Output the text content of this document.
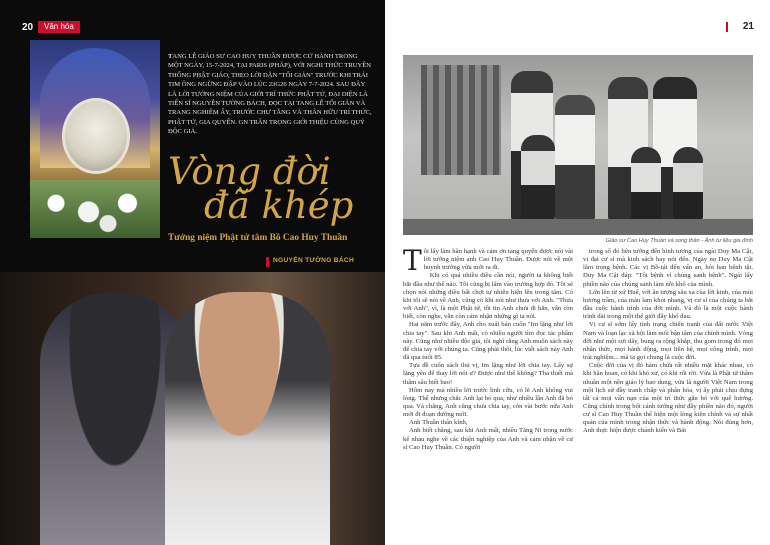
20	Văn hóa
TANG LỄ GIÁO SƯ CAO HUY THUẦN ĐƯỢC CỬ HÀNH TRONG MỘT NGÀY, 15-7-2024, TẠI PARIS (PHÁP), VỚI NGHI THỨC TRUYỀN THỐNG PHẬT GIÁO, THEO LỜI DẶN "TỐI GIẢN" TRƯỚC KHI TRÁI TIM ÔNG NGỪNG ĐẬP VÀO LÚC 23G26 NGÀY 7-7-2024. SAU ĐÂY LÀ LỜI TƯỞNG NIỆM CỦA GIỚI TRÍ THỨC PHẬT TỬ, ĐẠI DIỆN LÀ TIẾN SĨ NGUYỄN TƯỜNG BÁCH, ĐỌC TẠI TANG LỄ TỐI GIẢN VÀ TRANG NGHIÊM ẤY, TRƯỚC CHƯ TĂNG VÀ THÂN HỮU TRÍ THỨC, PHẬT TỬ, GIA QUYẾN. GN TRÂN TRỌNG GIỚI THIỆU CÙNG QUÝ ĐỘC GIẢ.
Vòng đời
đã khép
Tưởng niệm Phật tử tâm Bồ Cao Huy Thuần
NGUYỄN TƯỜNG BÁCH
21
Giáo sư Cao Huy Thuần và song thân - Ảnh tư liệu gia đình
T ôi lấy làm hân hạnh và cảm ơn tang quyến được nói vài lời tưởng niệm anh Cao Huy Thuần. Được nói về một huynh trưởng vừa mới ra đi.

Khi có quá nhiều điều cần nói, người ta không biết bắt đầu như thế nào. Tôi cũng bị lâm vào trường hợp đó. Tôi sẽ chọn nói những điều bất chợt tự nhiên hiện lên trong tâm. Có khi tôi sẽ nói về Anh, cũng có khi nói như thưa với Anh. "Thưa với Anh", vì, là một Phật tử, tôi tin Anh chưa đi hẳn, vẫn còn biết, còn nghe, vẫn còn cảm nhận những gì ta nói.

Hai năm trước đây, Anh cho xuất bản cuốn "Im lặng như lời chia tay". Sau khi Anh mất, có nhiều người tìm đọc tác phẩm này. Cũng như nhiều độc giả, tôi nghĩ rằng Anh muốn sách này để chia tay với chúng ta. Cũng phải thôi, lúc viết sách này Anh đã qua tuổi 85.

Tựa đề cuốn sách thú vị, Im lặng như lời chia tay. Lấy sự lặng yên để thay lời nói ư? Được như thế không? Tha thiết mà thâm sâu biết bao!

Hôm nay mà nhiều lời trước linh cữu, có lẽ Anh không vui lòng. Thế nhưng chắc Anh lại bỏ qua, như nhiều lần Anh đã bỏ qua. Và chẳng, Anh cũng chưa chia tay, còn vài bước nữa Anh mới đi đoạn đường mới.

Anh Thuần thân kính,

Anh biết chăng, sau khi Anh mất, nhiều Tăng Ni trong nước kể nhau nghe về các thiện nghiệp của Anh và cảm nhận về cư sĩ Cao Huy Thuần. Có người

trong số đó liên tưởng đến hình tượng của ngài Duy Ma Cật, vị đại cư sĩ mà kinh sách hay nói đến. Ngày nọ Duy Ma Cật lâm trọng bệnh. Các vị Bồ-tát đến vấn an, hỏi han bệnh tật. Duy Ma Cật đáp: "Tôi bệnh vì chúng sanh bệnh". Ngài lấy phiền não của chúng sanh làm nỗi khổ của mình.

Lớn lên từ xứ Huế, với ân tượng sâu xa của lời kinh, của mùi hương trầm, của màu lam khói nhang, vị cư sĩ của chúng ta bắt đầu cuộc hành trình của đời mình. Và đó là một cuộc hành trình dài trong một thế giới đầy khổ đau.

Vị cư sĩ sớm lấy tình trạng chiến tranh của đất nước Việt Nam và loạn lạc xã hội làm mối bận tâm của chính mình. Vòng đời như một sợi dây, bung ra rộng khắp, thu gom trong đó mọi nhân thức, mọi hành động, mọi liên hệ, mọi công trình, mọi trải nghiệm... mà ta gọi chung là cuộc đời.

Cuộc đời của vị đó hàm chứa rất nhiều mặt khác nhau, có khi hân hoan, có khi khó xử, có khi rối rời. Vừa là Phật tử thâm nhuần một nền giáo lý bao dung, vừa là người Việt Nam trong một lịch sử đầy tranh chấp và phân hóa, vị ấy phải chịu đựng tất cả mọi vấn nạn của một trí thức gắn bó với quê hương. Cũng chính trong bối cảnh tưởng như đầy phiền não đó, người cư sĩ Cao Huy Thuần thể hiện một lòng kiên chính và sự nhất quán của mình trong nhận thức và hành động. Nói đúng hơn, Anh thực hiện được chánh kiến và Bát
